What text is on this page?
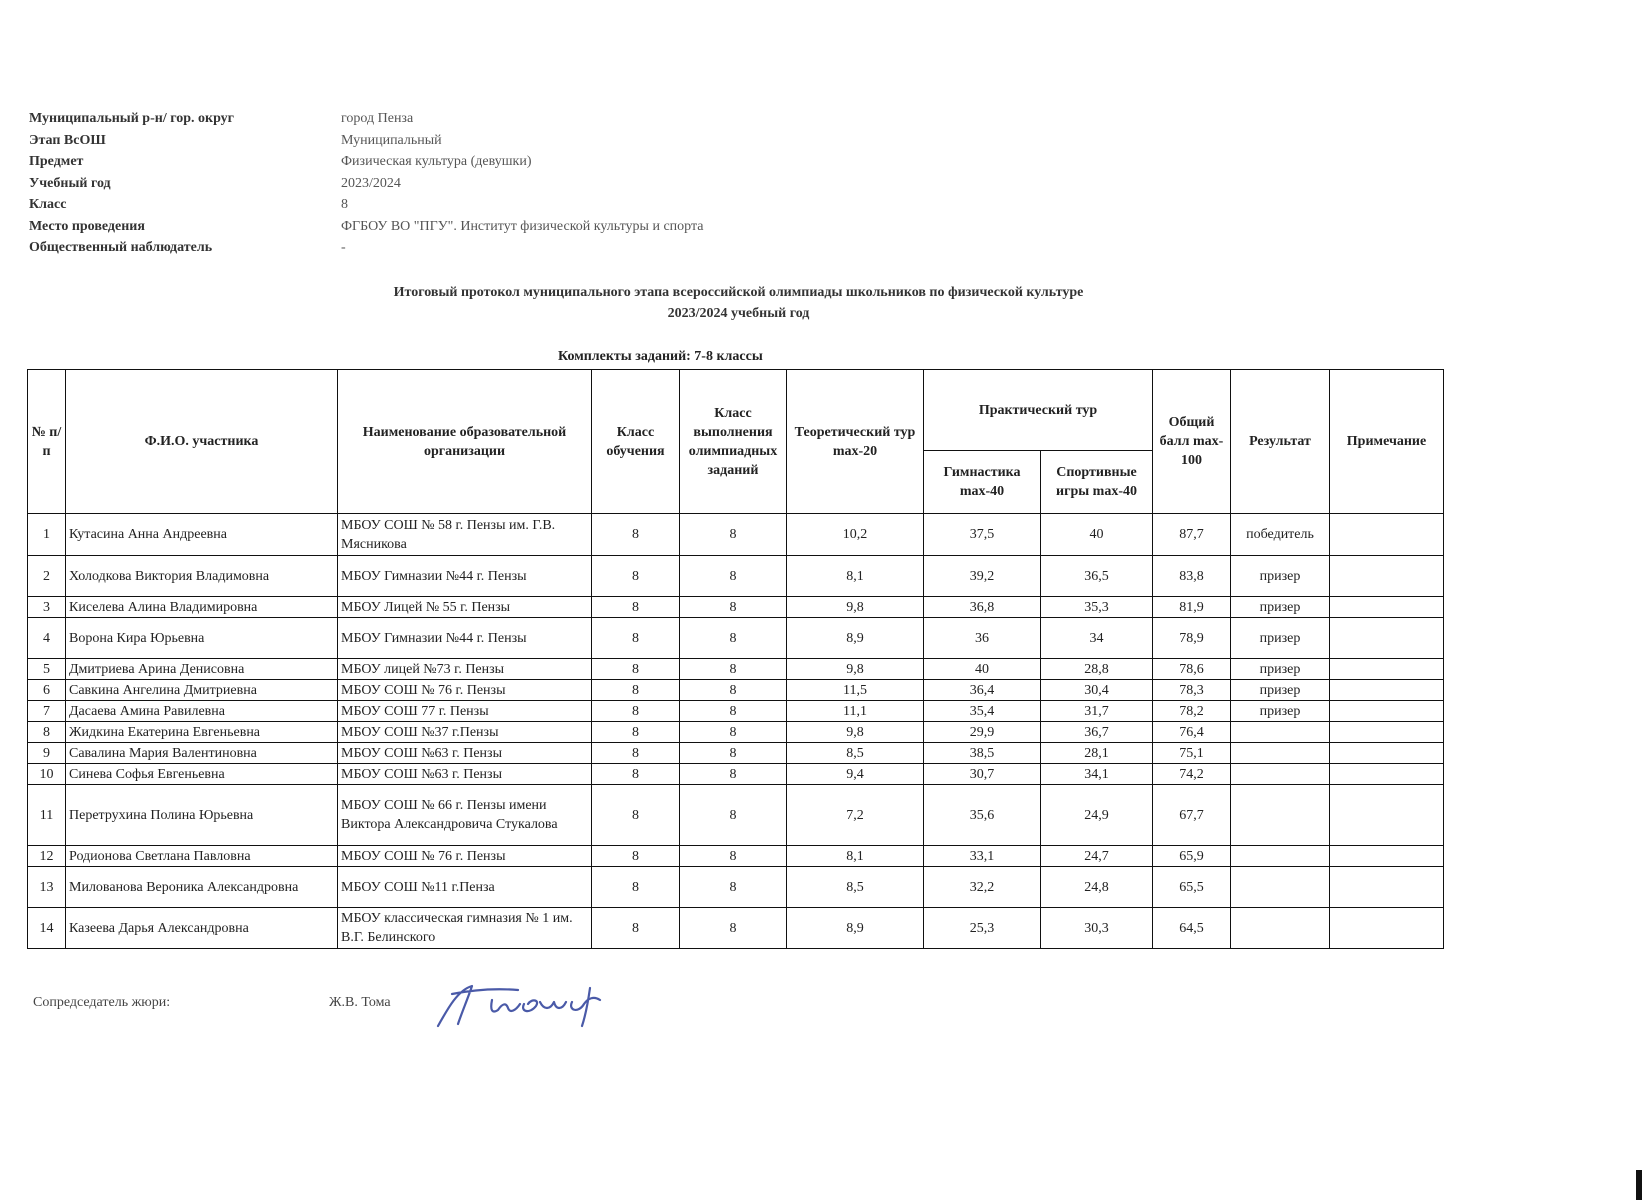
Муниципальный р-н/ гор. округ	город Пенза
Этап ВсОШ	Муниципальный
Предмет	Физическая культура (девушки)
Учебный год	2023/2024
Класс	8
Место проведения	ФГБОУ ВО "ПГУ". Институт физической культуры и спорта
Общественный наблюдатель	-
Итоговый протокол муниципального этапа всероссийской олимпиады школьников по физической культуре
2023/2024 учебный год
Комплекты заданий: 7-8 классы
№ п/п	Ф.И.О. участника	Наименование образовательной организации	Класс обучения	Класс выполнения олимпиадных заданий	Теоретический тур max-20	Практический тур		Общий балл max-100	Результат	Примечание
						Гимнастика max-40	Спортивные игры max-40			
1	Кутасина Анна Андреевна	МБОУ СОШ № 58 г. Пензы им. Г.В. Мясникова	8	8	10,2	37,5	40	87,7	победитель	
2	Холодкова Виктория Владимовна	МБОУ Гимназии №44 г. Пензы	8	8	8,1	39,2	36,5	83,8	призер	
3	Киселева Алина Владимировна	МБОУ Лицей № 55 г. Пензы	8	8	9,8	36,8	35,3	81,9	призер	
4	Ворона Кира Юрьевна	МБОУ Гимназии №44 г. Пензы	8	8	8,9	36	34	78,9	призер	
5	Дмитриева Арина Денисовна	МБОУ лицей №73 г. Пензы	8	8	9,8	40	28,8	78,6	призер	
6	Савкина Ангелина Дмитриевна	МБОУ СОШ № 76 г. Пензы	8	8	11,5	36,4	30,4	78,3	призер	
7	Дасаева Амина Равилевна	МБОУ СОШ 77 г. Пензы	8	8	11,1	35,4	31,7	78,2	призер	
8	Жидкина Екатерина Евгеньевна	МБОУ СОШ №37 г.Пензы	8	8	9,8	29,9	36,7	76,4		
9	Савалина Мария Валентиновна	МБОУ СОШ №63 г. Пензы	8	8	8,5	38,5	28,1	75,1		
10	Синева Софья Евгеньевна	МБОУ СОШ №63 г. Пензы	8	8	9,4	30,7	34,1	74,2		
11	Перетрухина Полина Юрьевна	МБОУ СОШ № 66 г. Пензы имени Виктора Александровича Стукалова	8	8	7,2	35,6	24,9	67,7		
12	Родионова Светлана Павловна	МБОУ СОШ № 76 г. Пензы	8	8	8,1	33,1	24,7	65,9		
13	Милованова Вероника Александровна	МБОУ СОШ №11 г.Пенза	8	8	8,5	32,2	24,8	65,5		
14	Казеева Дарья Александровна	МБОУ классическая гимназия № 1 им. В.Г. Белинского	8	8	8,9	25,3	30,3	64,5		
Сопредседатель жюри:	Ж.В. Тома
